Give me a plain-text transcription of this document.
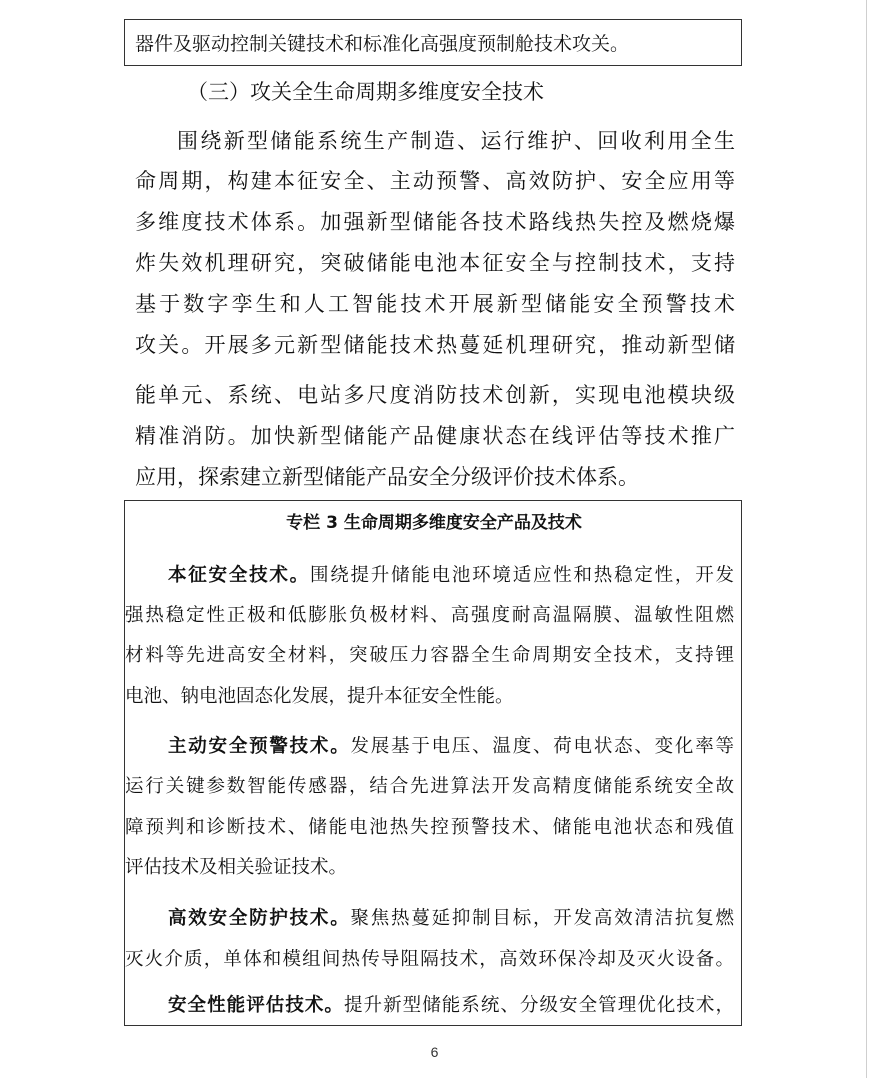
器件及驱动控制关键技术和标准化高强度预制舱技术攻关。
（三）攻关全生命周期多维度安全技术
围绕新型储能系统生产制造、运行维护、回收利用全生
命周期，构建本征安全、主动预警、高效防护、安全应用等
多维度技术体系。加强新型储能各技术路线热失控及燃烧爆
炸失效机理研究，突破储能电池本征安全与控制技术，支持
基于数字孪生和人工智能技术开展新型储能安全预警技术
攻关。开展多元新型储能技术热蔓延机理研究，推动新型储
能单元、系统、电站多尺度消防技术创新，实现电池模块级
精准消防。加快新型储能产品健康状态在线评估等技术推广
应用，探索建立新型储能产品安全分级评价技术体系。
专栏 3 生命周期多维度安全产品及技术
本征安全技术。围绕提升储能电池环境适应性和热稳定性，开发
强热稳定性正极和低膨胀负极材料、高强度耐高温隔膜、温敏性阻燃
材料等先进高安全材料，突破压力容器全生命周期安全技术，支持锂
电池、钠电池固态化发展，提升本征安全性能。
主动安全预警技术。发展基于电压、温度、荷电状态、变化率等
运行关键参数智能传感器，结合先进算法开发高精度储能系统安全故
障预判和诊断技术、储能电池热失控预警技术、储能电池状态和残值
评估技术及相关验证技术。
高效安全防护技术。聚焦热蔓延抑制目标，开发高效清洁抗复燃
灭火介质，单体和模组间热传导阻隔技术，高效环保冷却及灭火设备。
安全性能评估技术。提升新型储能系统、分级安全管理优化技术，
6
